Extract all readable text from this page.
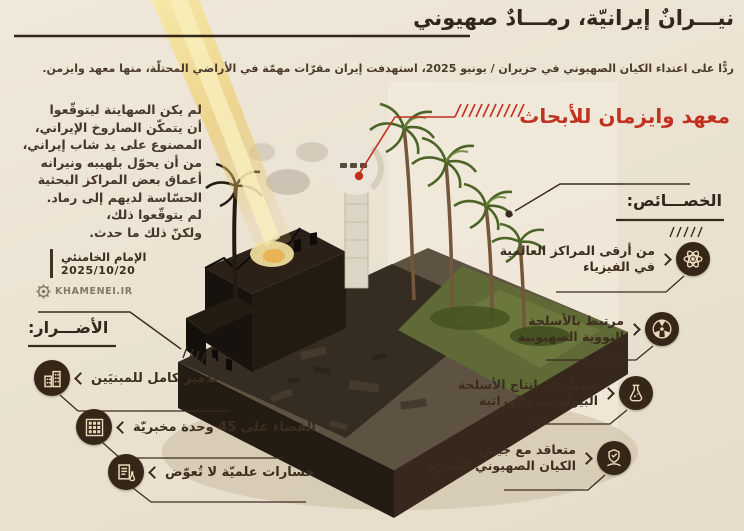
نيـــرانٌ إيرانيّة، رمـــادٌ صهيوني
ردًّا على اعتداء الكيان الصهيوني في حزيران / يونيو 2025، استهدفت إيران مقرّات مهمّة في الأراضي المحتلّة، منها معهد وايزمن.
لم يكن الصهاينة ليتوقّعوا
أن يتمكّن الصاروخ الإيراني،
المصنوع على يد شاب إيراني،
من أن يحوّل بلهيبه ونيرانه
أعماق بعض المراكز البحثية
الحسّاسة لديهم إلى رماد.
لم يتوقّعوا ذلك،
ولكنّ ذلك ما حدث.
الإمام الخامنئي
2025/10/20
KHAMENEI.IR
معهد وايزمان للأبحاث
الخصـــائص:
من أرقى المراكز العالمية
في الفيزياء
مرتبط بالأسلحة
النووية الصهيونية
نشط في إنتاج الأسلحة
البيولوجية والوراثية
متعاقد مع جيش
الكيان الصهيوني المجرم
الأضـــرار:
تدمير كامل للمبنيَين
القضاء على 45 وحدة مخبريّة
خسارات علميّة لا تُعوّض
